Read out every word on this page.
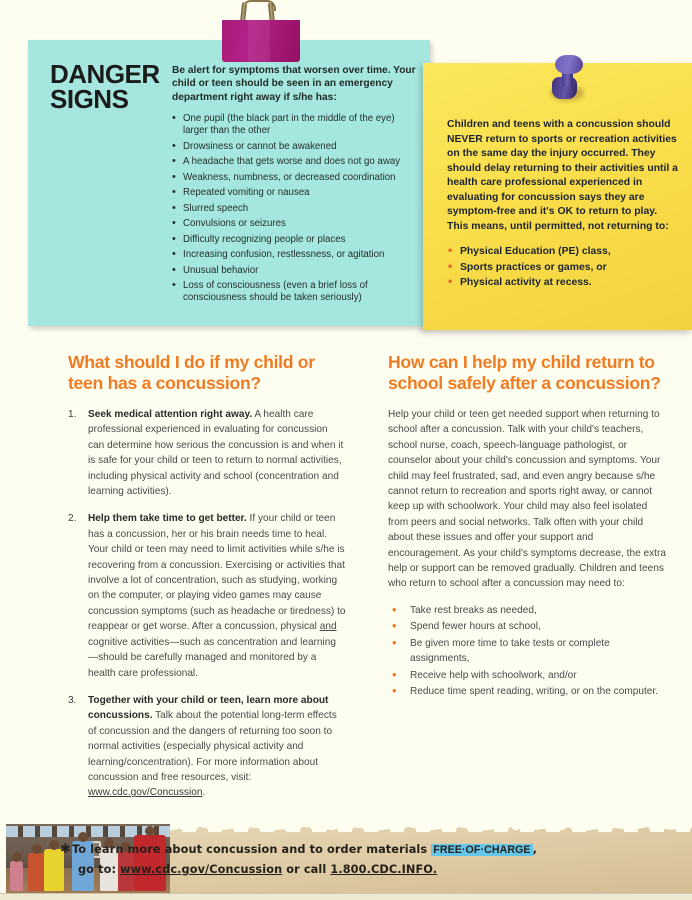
DANGER
SIGNS

Be alert for symptoms that worsen over time. Your child or teen should be seen in an emergency department right away if s/he has:

• One pupil (the black part in the middle of the eye) larger than the other
• Drowsiness or cannot be awakened
• A headache that gets worse and does not go away
• Weakness, numbness, or decreased coordination
• Repeated vomiting or nausea
• Slurred speech
• Convulsions or seizures
• Difficulty recognizing people or places
• Increasing confusion, restlessness, or agitation
• Unusual behavior
• Loss of consciousness (even a brief loss of consciousness should be taken seriously)

Children and teens with a concussion should NEVER return to sports or recreation activities on the same day the injury occurred. They should delay returning to their activities until a health care professional experienced in evaluating for concussion says they are symptom-free and it's OK to return to play. This means, until permitted, not returning to:

• Physical Education (PE) class,
• Sports practices or games, or
• Physical activity at recess.
What should I do if my child or teen has a concussion?
Seek medical attention right away. A health care professional experienced in evaluating for concussion can determine how serious the concussion is and when it is safe for your child or teen to return to normal activities, including physical activity and school (concentration and learning activities).
Help them take time to get better. If your child or teen has a concussion, her or his brain needs time to heal. Your child or teen may need to limit activities while s/he is recovering from a concussion. Exercising or activities that involve a lot of concentration, such as studying, working on the computer, or playing video games may cause concussion symptoms (such as headache or tiredness) to reappear or get worse. After a concussion, physical and cognitive activities—such as concentration and learning—should be carefully managed and monitored by a health care professional.
Together with your child or teen, learn more about concussions. Talk about the potential long-term effects of concussion and the dangers of returning too soon to normal activities (especially physical activity and learning/concentration). For more information about concussion and free resources, visit: www.cdc.gov/Concussion.
How can I help my child return to school safely after a concussion?

Help your child or teen get needed support when returning to school after a concussion. Talk with your child's teachers, school nurse, coach, speech-language pathologist, or counselor about your child's concussion and symptoms. Your child may feel frustrated, sad, and even angry because s/he cannot return to recreation and sports right away, or cannot keep up with schoolwork. Your child may also feel isolated from peers and social networks. Talk often with your child about these issues and offer your support and encouragement. As your child's symptoms decrease, the extra help or support can be removed gradually. Children and teens who return to school after a concussion may need to:

• Take rest breaks as needed,
• Spend fewer hours at school,
• Be given more time to take tests or complete assignments,
• Receive help with schoolwork, and/or
• Reduce time spent reading, writing, or on the computer.
✱To learn more about concussion and to order materials FREE·OF·CHARGE ,
go to: www.cdc.gov/Concussion or call 1.800.CDC.INFO.
